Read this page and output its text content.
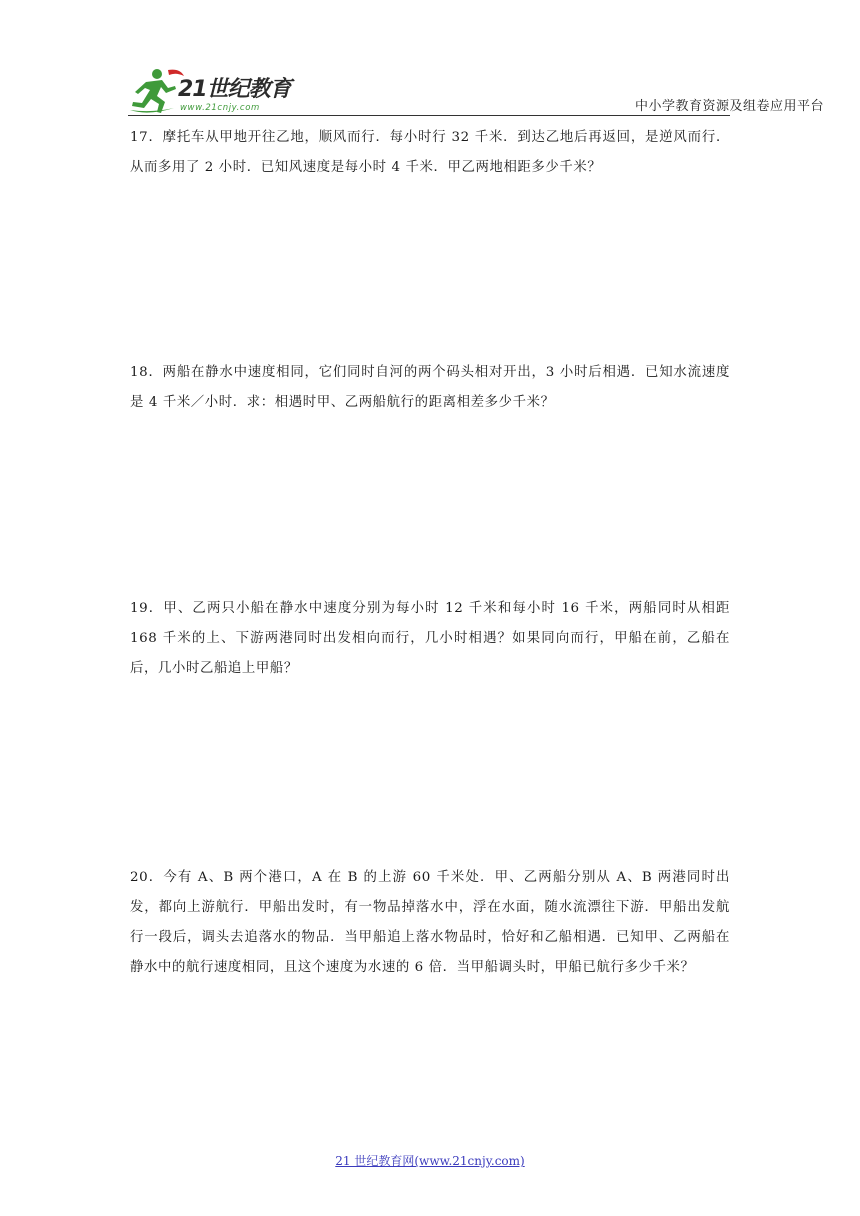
21世纪教育
www.21cnjy.com	中小学教育资源及组卷应用平台

17．摩托车从甲地开往乙地，顺风而行．每小时行 32 千米．到达乙地后再返回，是逆风而行．从而多用了 2 小时．已知风速度是每小时 4 千米．甲乙两地相距多少千米？

18．两船在静水中速度相同，它们同时自河的两个码头相对开出，3 小时后相遇．已知水流速度是 4 千米／小时．求：相遇时甲、乙两船航行的距离相差多少千米？

19．甲、乙两只小船在静水中速度分别为每小时 12 千米和每小时 16 千米，两船同时从相距 168 千米的上、下游两港同时出发相向而行，几小时相遇？如果同向而行，甲船在前，乙船在后，几小时乙船追上甲船？

20．今有 A、B 两个港口，A 在 B 的上游 60 千米处．甲、乙两船分别从 A、B 两港同时出发，都向上游航行．甲船出发时，有一物品掉落水中，浮在水面，随水流漂往下游．甲船出发航行一段后，调头去追落水的物品．当甲船追上落水物品时，恰好和乙船相遇．已知甲、乙两船在静水中的航行速度相同，且这个速度为水速的 6 倍．当甲船调头时，甲船已航行多少千米？

21 世纪教育网(www.21cnjy.com)
